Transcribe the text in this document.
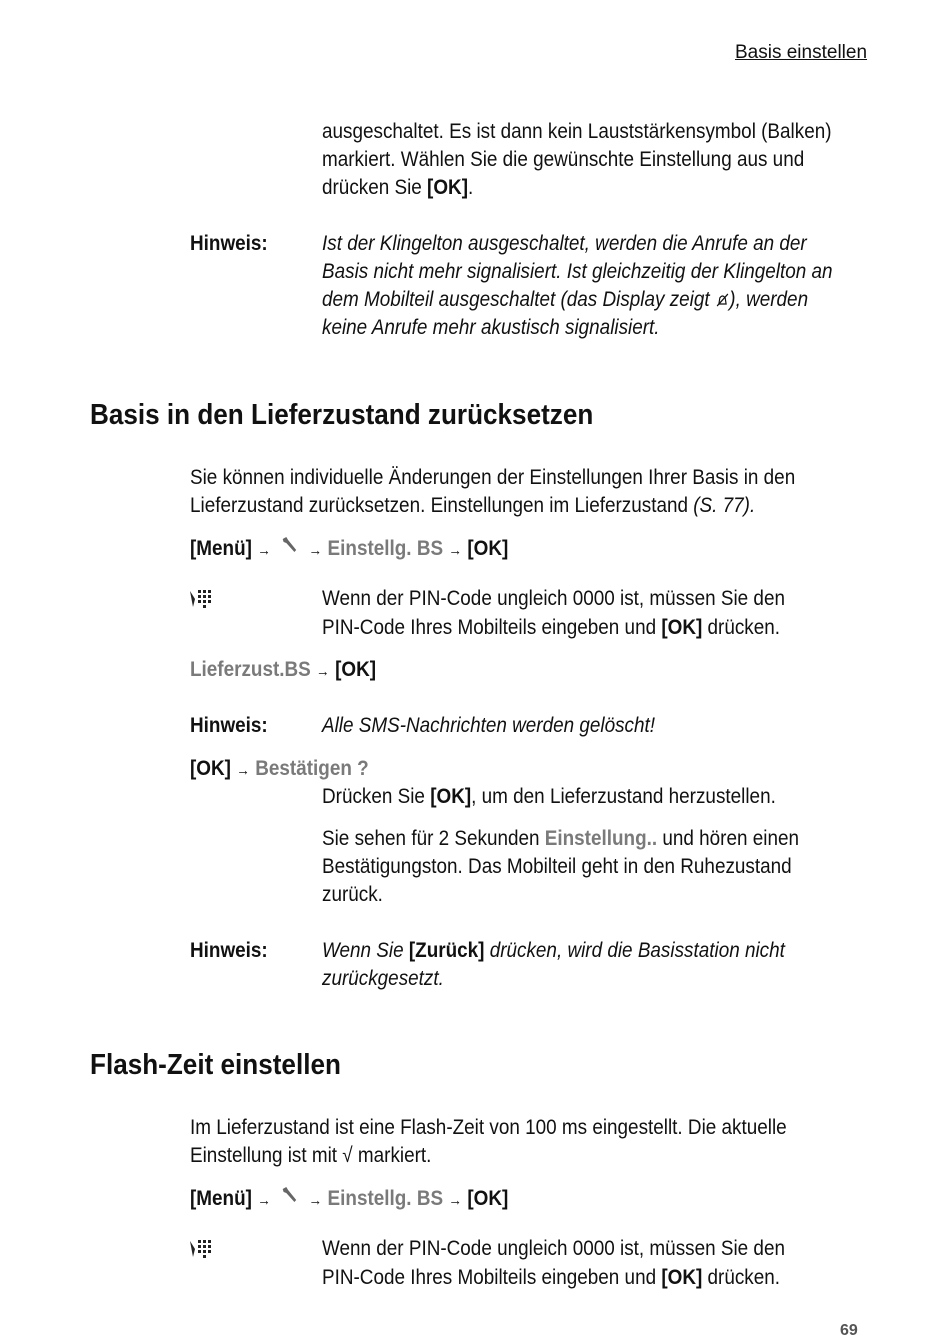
Basis einstellen
ausgeschaltet. Es ist dann kein Lauststärkensymbol (Balken)
markiert. Wählen Sie die gewünschte Einstellung aus und
drücken Sie [OK].
Hinweis:	Ist der Klingelton ausgeschaltet, werden die Anrufe an der
Basis nicht mehr signalisiert. Ist gleichzeitig der Klingelton an
dem Mobilteil ausgeschaltet (das Display zeigt ), werden
keine Anrufe mehr akustisch signalisiert.
Basis in den Lieferzustand zurücksetzen
Sie können individuelle Änderungen der Einstellungen Ihrer Basis in den
Lieferzustand zurücksetzen. Einstellungen im Lieferzustand (S. 77).
[Menü] →	→ Einstellg. BS → [OK]
Wenn der PIN-Code ungleich 0000 ist, müssen Sie den
PIN-Code Ihres Mobilteils eingeben und [OK] drücken.
Lieferzust.BS → [OK]
Hinweis:	Alle SMS-Nachrichten werden gelöscht!
[OK] → Bestätigen ?
Drücken Sie [OK], um den Lieferzustand herzustellen.
Sie sehen für 2 Sekunden Einstellung.. und hören einen
Bestätigungston. Das Mobilteil geht in den Ruhezustand
zurück.
Hinweis:	Wenn Sie [Zurück] drücken, wird die Basisstation nicht
zurückgesetzt.
Flash-Zeit einstellen
Im Lieferzustand ist eine Flash-Zeit von 100 ms eingestellt. Die aktuelle
Einstellung ist mit √ markiert.
[Menü] →	→ Einstellg. BS → [OK]
Wenn der PIN-Code ungleich 0000 ist, müssen Sie den
PIN-Code Ihres Mobilteils eingeben und [OK] drücken.
69
